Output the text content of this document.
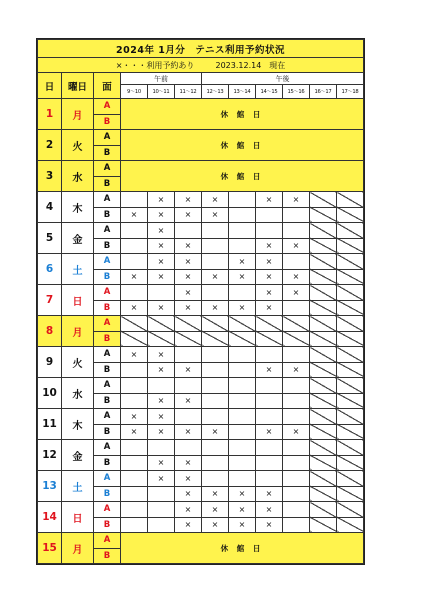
2024年 1月分　テニス利用予約状況											
×・・・利用予約あり 2023.12.14　現在											
日	曜日	面	午前			午後					
			9～10	10～11	11～12	12～13	13～14	14～15	15～16	16～17	17～18
1	月	A	休 館 日								
		B									
2	火	A	休 館 日								
		B									
3	水	A	休 館 日								
		B									
4	木	A		×	×	×		×	×		
		B	×	×	×	×					
5	金	A		×							
		B		×	×			×	×		
6	土	A		×	×		×	×			
		B	×	×	×	×	×	×	×		
7	日	A			×			×	×		
		B	×	×	×	×	×	×			
8	月	A									
		B									
9	火	A	×	×							
		B		×	×			×	×		
10	水	A									
		B		×	×						
11	木	A	×	×							
		B	×	×	×	×		×	×		
12	金	A									
		B		×	×						
13	土	A		×	×						
		B			×	×	×	×			
14	日	A			×	×	×	×			
		B			×	×	×	×			
15	月	A	休 館 日								
		B									
